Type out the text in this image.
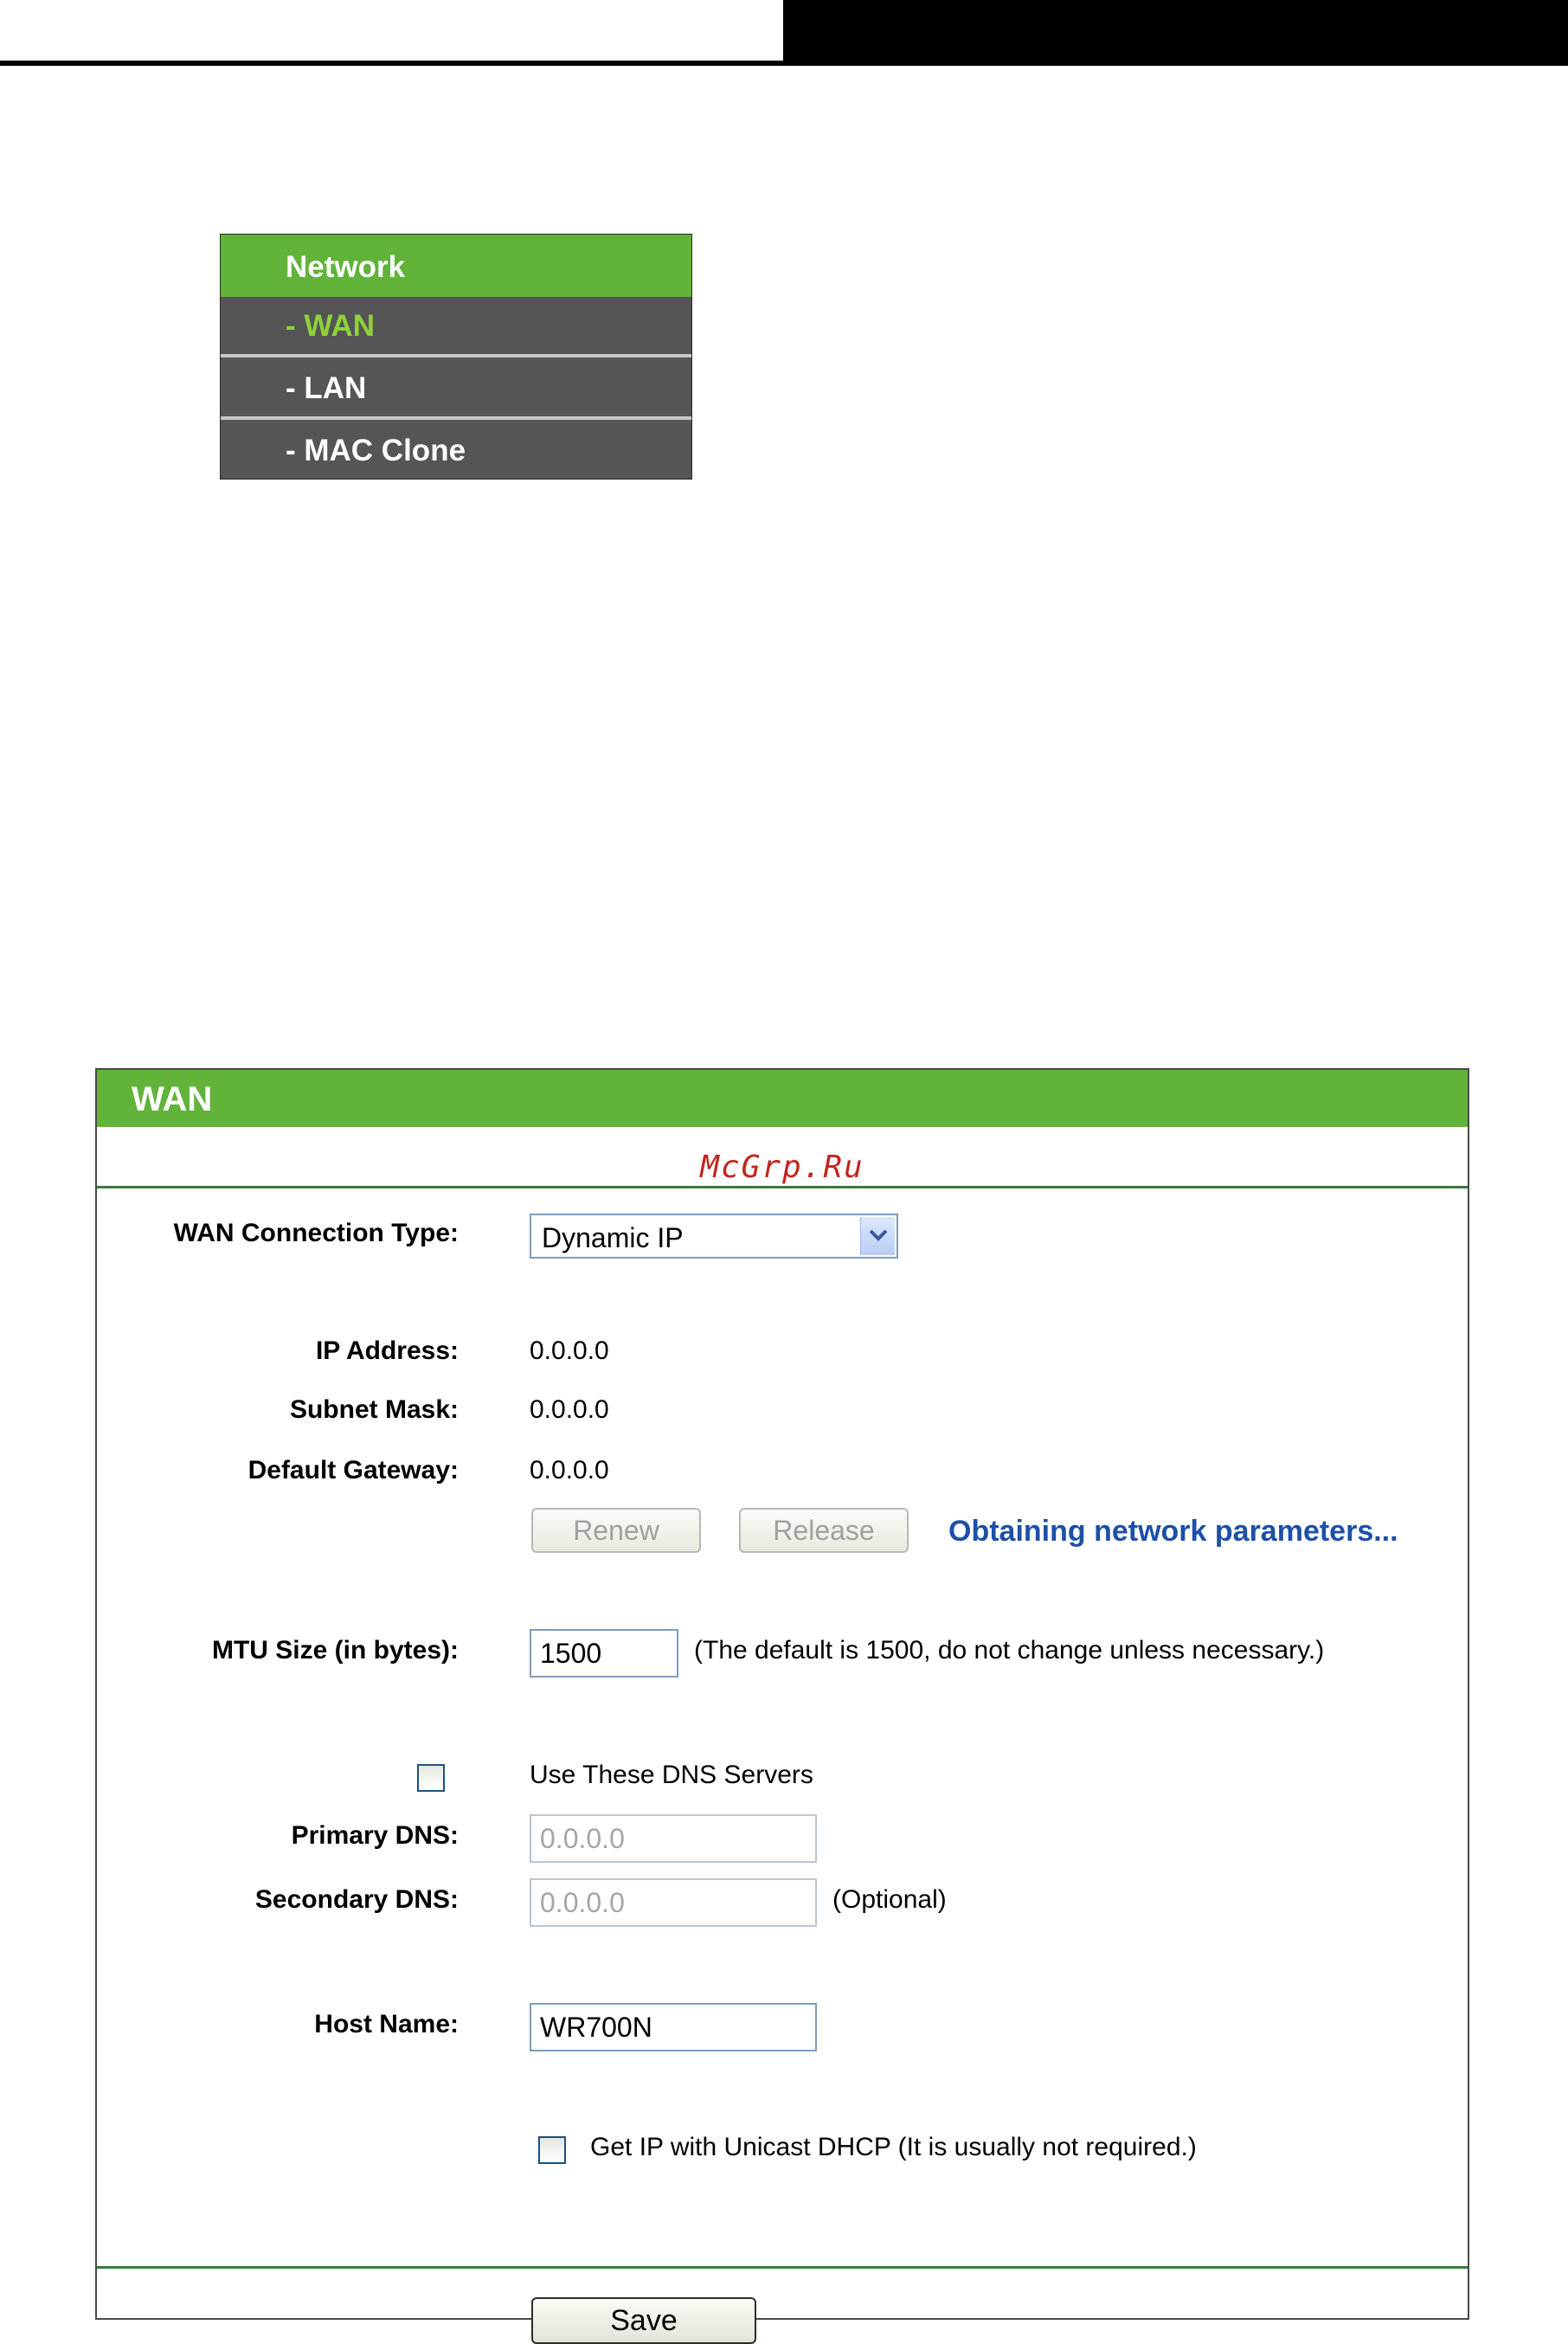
Network
- WAN
- LAN
- MAC Clone
WAN
McGrp.Ru
WAN Connection Type:	Dynamic IP
IP Address:	0.0.0.0
Subnet Mask:	0.0.0.0
Default Gateway:	0.0.0.0
Renew	Release	Obtaining network parameters...
MTU Size (in bytes):	1500	(The default is 1500, do not change unless necessary.)
Use These DNS Servers
Primary DNS:	0.0.0.0
Secondary DNS:	0.0.0.0	(Optional)
Host Name:	WR700N
Get IP with Unicast DHCP (It is usually not required.)
Save
